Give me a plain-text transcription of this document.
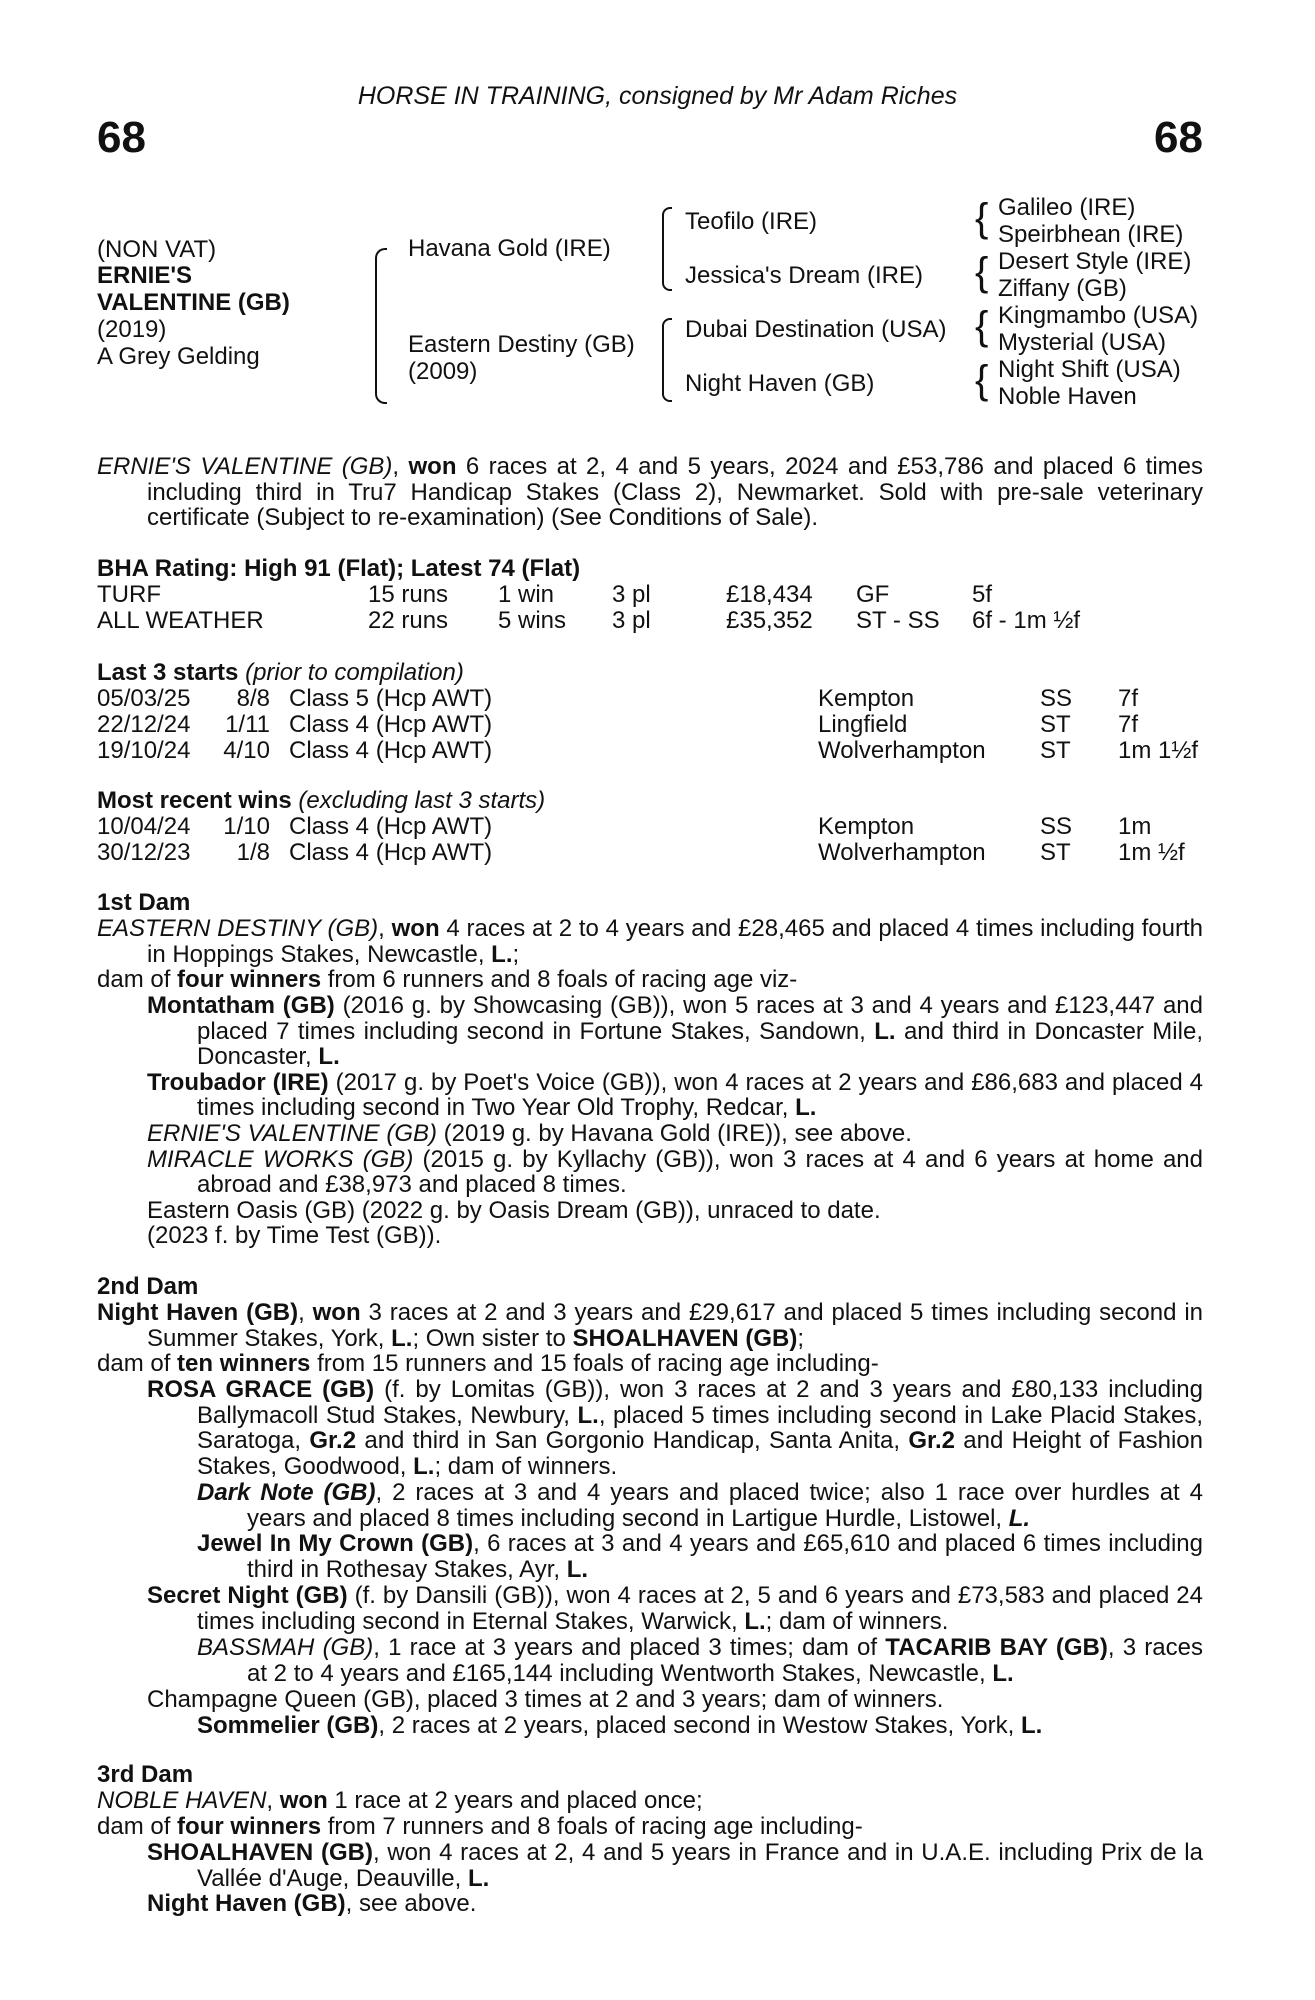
HORSE IN TRAINING, consigned by Mr Adam Riches
68	68
(NON VAT)
ERNIE'S
VALENTINE (GB)
(2019)
A Grey Gelding
Havana Gold (IRE)
Eastern Destiny (GB)
(2009)
Teofilo (IRE)
Jessica's Dream (IRE)
Dubai Destination (USA)
Night Haven (GB)
{
{
{
{
Galileo (IRE)
Speirbhean (IRE)
Desert Style (IRE)
Ziffany (GB)
Kingmambo (USA)
Mysterial (USA)
Night Shift (USA)
Noble Haven

ERNIE'S VALENTINE (GB), won 6 races at 2, 4 and 5 years, 2024 and £53,786 and placed 6 times including third in Tru7 Handicap Stakes (Class 2), Newmarket. Sold with pre-sale veterinary certificate (Subject to re-examination) (See Conditions of Sale).

BHA Rating: High 91 (Flat); Latest 74 (Flat)
TURF	15 runs 1 win 3 pl	£18,434 GF	5f
ALL WEATHER	22 runs 5 wins 3 pl	£35,352 ST - SS 6f - 1m ½f
Last 3 starts (prior to compilation)
05/03/25	8/8 Class 5 (Hcp AWT)	Kempton	SS 7f
22/12/24	1/11 Class 4 (Hcp AWT)	Lingfield	ST 7f
19/10/24	4/10 Class 4 (Hcp AWT)	Wolverhampton ST 1m 1½f
Most recent wins (excluding last 3 starts)
10/04/24	1/10 Class 4 (Hcp AWT)	Kempton	SS 1m
30/12/23	1/8 Class 4 (Hcp AWT)	Wolverhampton ST 1m ½f
1st Dam

EASTERN DESTINY (GB), won 4 races at 2 to 4 years and £28,465 and placed 4 times including fourth in Hoppings Stakes, Newcastle, L.;

dam of four winners from 6 runners and 8 foals of racing age viz-

Montatham (GB) (2016 g. by Showcasing (GB)), won 5 races at 3 and 4 years and £123,447 and placed 7 times including second in Fortune Stakes, Sandown, L. and third in Doncaster Mile, Doncaster, L.

Troubador (IRE) (2017 g. by Poet's Voice (GB)), won 4 races at 2 years and £86,683 and placed 4 times including second in Two Year Old Trophy, Redcar, L.

ERNIE'S VALENTINE (GB) (2019 g. by Havana Gold (IRE)), see above.

MIRACLE WORKS (GB) (2015 g. by Kyllachy (GB)), won 3 races at 4 and 6 years at home and abroad and £38,973 and placed 8 times.

Eastern Oasis (GB) (2022 g. by Oasis Dream (GB)), unraced to date.

(2023 f. by Time Test (GB)).

2nd Dam

Night Haven (GB), won 3 races at 2 and 3 years and £29,617 and placed 5 times including second in Summer Stakes, York, L.; Own sister to SHOALHAVEN (GB);

dam of ten winners from 15 runners and 15 foals of racing age including-

ROSA GRACE (GB) (f. by Lomitas (GB)), won 3 races at 2 and 3 years and £80,133 including Ballymacoll Stud Stakes, Newbury, L., placed 5 times including second in Lake Placid Stakes, Saratoga, Gr.2 and third in San Gorgonio Handicap, Santa Anita, Gr.2 and Height of Fashion Stakes, Goodwood, L.; dam of winners.

Dark Note (GB), 2 races at 3 and 4 years and placed twice; also 1 race over hurdles at 4 years and placed 8 times including second in Lartigue Hurdle, Listowel, L.

Jewel In My Crown (GB), 6 races at 3 and 4 years and £65,610 and placed 6 times including third in Rothesay Stakes, Ayr, L.

Secret Night (GB) (f. by Dansili (GB)), won 4 races at 2, 5 and 6 years and £73,583 and placed 24 times including second in Eternal Stakes, Warwick, L.; dam of winners.

BASSMAH (GB), 1 race at 3 years and placed 3 times; dam of TACARIB BAY (GB), 3 races at 2 to 4 years and £165,144 including Wentworth Stakes, Newcastle, L.

Champagne Queen (GB), placed 3 times at 2 and 3 years; dam of winners.

Sommelier (GB), 2 races at 2 years, placed second in Westow Stakes, York, L.

3rd Dam

NOBLE HAVEN, won 1 race at 2 years and placed once;

dam of four winners from 7 runners and 8 foals of racing age including-

SHOALHAVEN (GB), won 4 races at 2, 4 and 5 years in France and in U.A.E. including Prix de la Vallée d'Auge, Deauville, L.

Night Haven (GB), see above.
